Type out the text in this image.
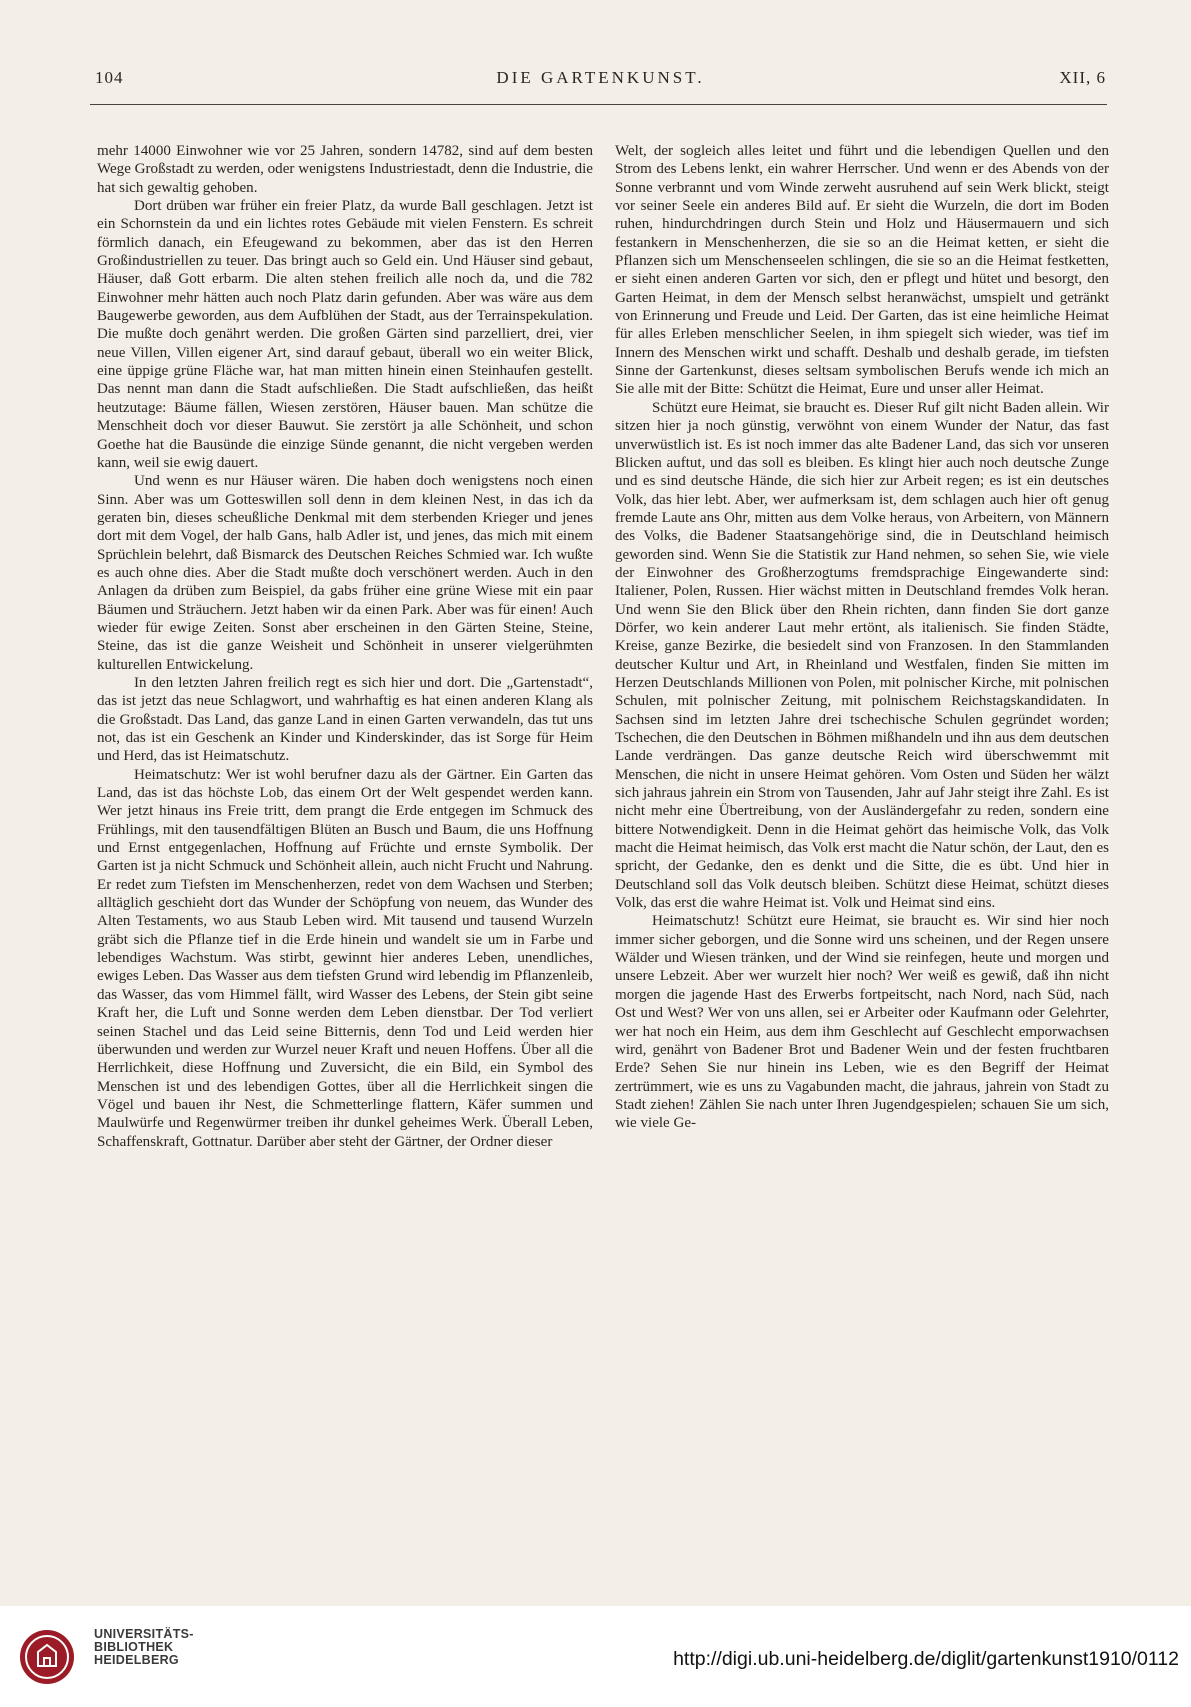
104	DIE GARTENKUNST.	XII, 6

mehr 14000 Einwohner wie vor 25 Jahren, sondern 14782, sind auf dem besten Wege Großstadt zu werden, oder wenigstens Industriestadt, denn die Industrie, die hat sich gewaltig gehoben.

Dort drüben war früher ein freier Platz, da wurde Ball geschlagen. Jetzt ist ein Schornstein da und ein lichtes rotes Gebäude mit vielen Fenstern. Es schreit förmlich danach, ein Efeugewand zu bekommen, aber das ist den Herren Großindustriellen zu teuer. Das bringt auch so Geld ein. Und Häuser sind gebaut, Häuser, daß Gott erbarm. Die alten stehen freilich alle noch da, und die 782 Einwohner mehr hätten auch noch Platz darin gefunden. Aber was wäre aus dem Baugewerbe geworden, aus dem Aufblühen der Stadt, aus der Terrainspekulation. Die mußte doch genährt werden. Die großen Gärten sind parzelliert, drei, vier neue Villen, Villen eigener Art, sind darauf gebaut, überall wo ein weiter Blick, eine üppige grüne Fläche war, hat man mitten hinein einen Steinhaufen gestellt. Das nennt man dann die Stadt aufschließen. Die Stadt aufschließen, das heißt heutzutage: Bäume fällen, Wiesen zerstören, Häuser bauen. Man schütze die Menschheit doch vor dieser Bauwut. Sie zerstört ja alle Schönheit, und schon Goethe hat die Bausünde die einzige Sünde genannt, die nicht vergeben werden kann, weil sie ewig dauert.

Und wenn es nur Häuser wären. Die haben doch wenigstens noch einen Sinn. Aber was um Gotteswillen soll denn in dem kleinen Nest, in das ich da geraten bin, dieses scheußliche Denkmal mit dem sterbenden Krieger und jenes dort mit dem Vogel, der halb Gans, halb Adler ist, und jenes, das mich mit einem Sprüchlein belehrt, daß Bismarck des Deutschen Reiches Schmied war. Ich wußte es auch ohne dies. Aber die Stadt mußte doch verschönert werden. Auch in den Anlagen da drüben zum Beispiel, da gabs früher eine grüne Wiese mit ein paar Bäumen und Sträuchern. Jetzt haben wir da einen Park. Aber was für einen! Auch wieder für ewige Zeiten. Sonst aber erscheinen in den Gärten Steine, Steine, Steine, das ist die ganze Weisheit und Schönheit in unserer vielgerühmten kulturellen Entwickelung.

In den letzten Jahren freilich regt es sich hier und dort. Die „Gartenstadt“, das ist jetzt das neue Schlagwort, und wahrhaftig es hat einen anderen Klang als die Großstadt. Das Land, das ganze Land in einen Garten verwandeln, das tut uns not, das ist ein Geschenk an Kinder und Kinderskinder, das ist Sorge für Heim und Herd, das ist Heimatschutz.

Heimatschutz: Wer ist wohl berufner dazu als der Gärtner. Ein Garten das Land, das ist das höchste Lob, das einem Ort der Welt gespendet werden kann. Wer jetzt hinaus ins Freie tritt, dem prangt die Erde entgegen im Schmuck des Frühlings, mit den tausendfältigen Blüten an Busch und Baum, die uns Hoffnung und Ernst entgegenlachen, Hoffnung auf Früchte und ernste Symbolik. Der Garten ist ja nicht Schmuck und Schönheit allein, auch nicht Frucht und Nahrung. Er redet zum Tiefsten im Menschenherzen, redet von dem Wachsen und Sterben; alltäglich geschieht dort das Wunder der Schöpfung von neuem, das Wunder des Alten Testaments, wo aus Staub Leben wird. Mit tausend und tausend Wurzeln gräbt sich die Pflanze tief in die Erde hinein und wandelt sie um in Farbe und lebendiges Wachstum. Was stirbt, gewinnt hier anderes Leben, unendliches, ewiges Leben. Das Wasser aus dem tiefsten Grund wird lebendig im Pflanzenleib, das Wasser, das vom Himmel fällt, wird Wasser des Lebens, der Stein gibt seine Kraft her, die Luft und Sonne werden dem Leben dienstbar. Der Tod verliert seinen Stachel und das Leid seine Bitternis, denn Tod und Leid werden hier überwunden und werden zur Wurzel neuer Kraft und neuen Hoffens. Über all die Herrlichkeit, diese Hoffnung und Zuversicht, die ein Bild, ein Symbol des Menschen ist und des lebendigen Gottes, über all die Herrlichkeit singen die Vögel und bauen ihr Nest, die Schmetterlinge flattern, Käfer summen und Maulwürfe und Regenwürmer treiben ihr dunkel geheimes Werk. Überall Leben, Schaffenskraft, Gottnatur. Darüber aber steht der Gärtner, der Ordner dieser

Welt, der sogleich alles leitet und führt und die lebendigen Quellen und den Strom des Lebens lenkt, ein wahrer Herrscher. Und wenn er des Abends von der Sonne verbrannt und vom Winde zerweht ausruhend auf sein Werk blickt, steigt vor seiner Seele ein anderes Bild auf. Er sieht die Wurzeln, die dort im Boden ruhen, hindurchdringen durch Stein und Holz und Häusermauern und sich festankern in Menschenherzen, die sie so an die Heimat ketten, er sieht die Pflanzen sich um Menschenseelen schlingen, die sie so an die Heimat festketten, er sieht einen anderen Garten vor sich, den er pflegt und hütet und besorgt, den Garten Heimat, in dem der Mensch selbst heranwächst, umspielt und getränkt von Erinnerung und Freude und Leid. Der Garten, das ist eine heimliche Heimat für alles Erleben menschlicher Seelen, in ihm spiegelt sich wieder, was tief im Innern des Menschen wirkt und schafft. Deshalb und deshalb gerade, im tiefsten Sinne der Gartenkunst, dieses seltsam symbolischen Berufs wende ich mich an Sie alle mit der Bitte: Schützt die Heimat, Eure und unser aller Heimat.

Schützt eure Heimat, sie braucht es. Dieser Ruf gilt nicht Baden allein. Wir sitzen hier ja noch günstig, verwöhnt von einem Wunder der Natur, das fast unverwüstlich ist. Es ist noch immer das alte Badener Land, das sich vor unseren Blicken auftut, und das soll es bleiben. Es klingt hier auch noch deutsche Zunge und es sind deutsche Hände, die sich hier zur Arbeit regen; es ist ein deutsches Volk, das hier lebt. Aber, wer aufmerksam ist, dem schlagen auch hier oft genug fremde Laute ans Ohr, mitten aus dem Volke heraus, von Arbeitern, von Männern des Volks, die Badener Staatsangehörige sind, die in Deutschland heimisch geworden sind. Wenn Sie die Statistik zur Hand nehmen, so sehen Sie, wie viele der Einwohner des Großherzogtums fremdsprachige Eingewanderte sind: Italiener, Polen, Russen. Hier wächst mitten in Deutschland fremdes Volk heran. Und wenn Sie den Blick über den Rhein richten, dann finden Sie dort ganze Dörfer, wo kein anderer Laut mehr ertönt, als italienisch. Sie finden Städte, Kreise, ganze Bezirke, die besiedelt sind von Franzosen. In den Stammlanden deutscher Kultur und Art, in Rheinland und Westfalen, finden Sie mitten im Herzen Deutschlands Millionen von Polen, mit polnischer Kirche, mit polnischen Schulen, mit polnischer Zeitung, mit polnischem Reichstagskandidaten. In Sachsen sind im letzten Jahre drei tschechische Schulen gegründet worden; Tschechen, die den Deutschen in Böhmen mißhandeln und ihn aus dem deutschen Lande verdrängen. Das ganze deutsche Reich wird überschwemmt mit Menschen, die nicht in unsere Heimat gehören. Vom Osten und Süden her wälzt sich jahraus jahrein ein Strom von Tausenden, Jahr auf Jahr steigt ihre Zahl. Es ist nicht mehr eine Übertreibung, von der Ausländergefahr zu reden, sondern eine bittere Notwendigkeit. Denn in die Heimat gehört das heimische Volk, das Volk macht die Heimat heimisch, das Volk erst macht die Natur schön, der Laut, den es spricht, der Gedanke, den es denkt und die Sitte, die es übt. Und hier in Deutschland soll das Volk deutsch bleiben. Schützt diese Heimat, schützt dieses Volk, das erst die wahre Heimat ist. Volk und Heimat sind eins.

Heimatschutz! Schützt eure Heimat, sie braucht es. Wir sind hier noch immer sicher geborgen, und die Sonne wird uns scheinen, und der Regen unsere Wälder und Wiesen tränken, und der Wind sie reinfegen, heute und morgen und unsere Lebzeit. Aber wer wurzelt hier noch? Wer weiß es gewiß, daß ihn nicht morgen die jagende Hast des Erwerbs fortpeitscht, nach Nord, nach Süd, nach Ost und West? Wer von uns allen, sei er Arbeiter oder Kaufmann oder Gelehrter, wer hat noch ein Heim, aus dem ihm Geschlecht auf Geschlecht emporwachsen wird, genährt von Badener Brot und Badener Wein und der festen fruchtbaren Erde? Sehen Sie nur hinein ins Leben, wie es den Begriff der Heimat zertrümmert, wie es uns zu Vagabunden macht, die jahraus, jahrein von Stadt zu Stadt ziehen! Zählen Sie nach unter Ihren Jugendgespielen; schauen Sie um sich, wie viele Ge-

UNIVERSITÄTS-
BIBLIOTHEK
HEIDELBERG	http://digi.ub.uni-heidelberg.de/diglit/gartenkunst1910/0112
